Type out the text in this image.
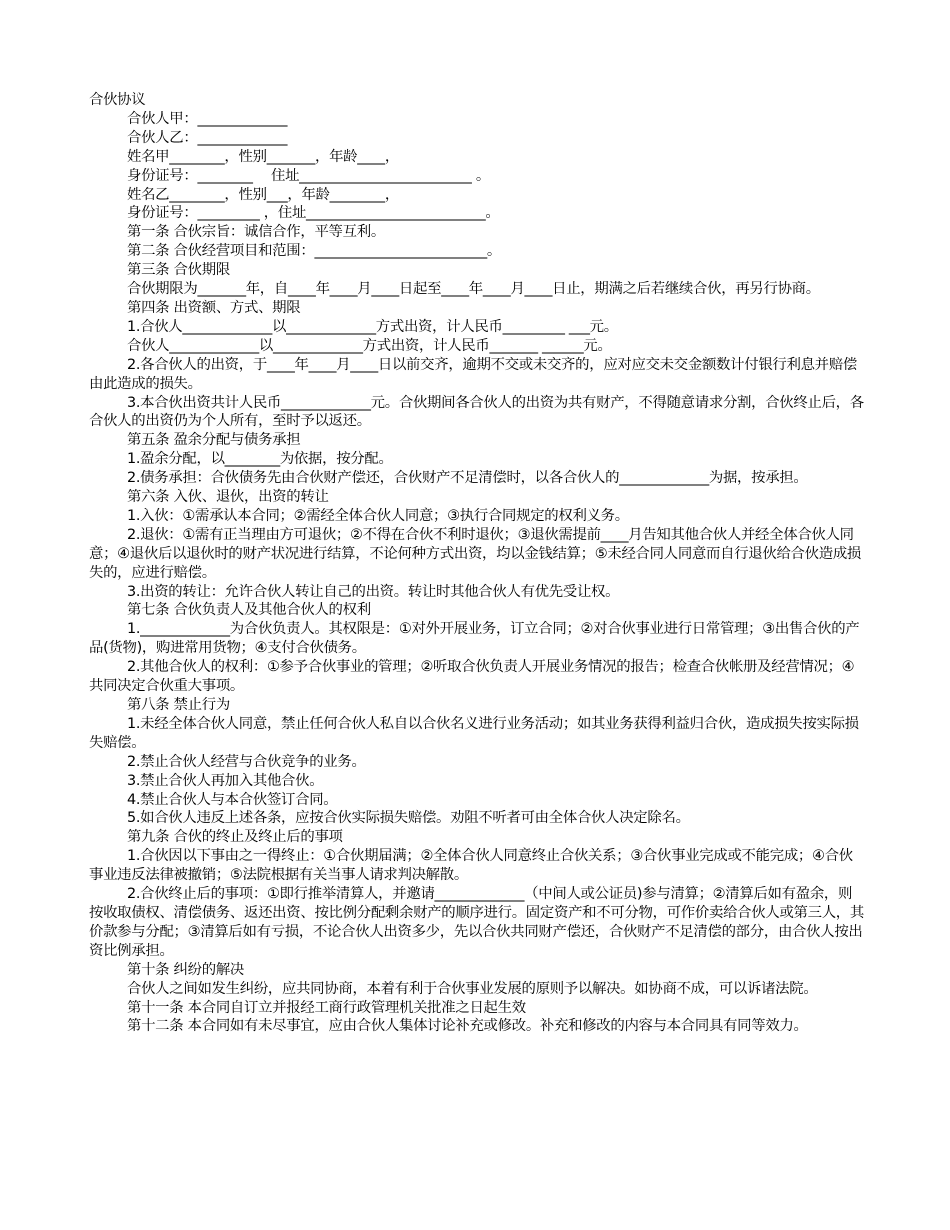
合伙协议
合伙人甲：_____________
合伙人乙：_____________
姓名甲________，性别_______，年龄____，
身份证号：________　 住址_________________________ 。
姓名乙________，性别___，年龄________，
身份证号：_________ ，住址__________________________。
第一条 合伙宗旨：诚信合作，平等互利。
第二条 合伙经营项目和范围：_________________________。
第三条 合伙期限
合伙期限为_______年，自____年____月____日起至____年____月____日止，期满之后若继续合伙，再另行协商。
第四条 出资额、方式、期限
1.合伙人_____________以_____________方式出资，计人民币_________ ___元。
合伙人_____________以_____________方式出资，计人民币_______ ______元。
2.各合伙人的出资，于____年____月____日以前交齐，逾期不交或未交齐的，应对应交未交金额数计付银行利息并赔偿由此造成的损失。
3.本合伙出资共计人民币_____________元。合伙期间各合伙人的出资为共有财产，不得随意请求分割，合伙终止后，各合伙人的出资仍为个人所有，至时予以返还。
第五条 盈余分配与债务承担
1.盈余分配，以________为依据，按分配。
2.债务承担：合伙债务先由合伙财产偿还，合伙财产不足清偿时，以各合伙人的_____________为据，按承担。
第六条 入伙、退伙，出资的转让
1.入伙：①需承认本合同；②需经全体合伙人同意；③执行合同规定的权利义务。
2.退伙：①需有正当理由方可退伙；②不得在合伙不利时退伙；③退伙需提前____月告知其他合伙人并经全体合伙人同意；④退伙后以退伙时的财产状况进行结算，不论何种方式出资，均以金钱结算；⑤未经合同人同意而自行退伙给合伙造成损失的，应进行赔偿。
3.出资的转让：允许合伙人转让自己的出资。转让时其他合伙人有优先受让权。
第七条 合伙负责人及其他合伙人的权利
1._____________为合伙负责人。其权限是：①对外开展业务，订立合同；②对合伙事业进行日常管理；③出售合伙的产品(货物)，购进常用货物；④支付合伙债务。
2.其他合伙人的权利：①参予合伙事业的管理；②听取合伙负责人开展业务情况的报告；检查合伙帐册及经营情况；④共同决定合伙重大事项。
第八条 禁止行为
1.未经全体合伙人同意，禁止任何合伙人私自以合伙名义进行业务活动；如其业务获得利益归合伙，造成损失按实际损失赔偿。
2.禁止合伙人经营与合伙竞争的业务。
3.禁止合伙人再加入其他合伙。
4.禁止合伙人与本合伙签订合同。
5.如合伙人违反上述各条，应按合伙实际损失赔偿。劝阻不听者可由全体合伙人决定除名。
第九条 合伙的终止及终止后的事项
1.合伙因以下事由之一得终止：①合伙期届满；②全体合伙人同意终止合伙关系；③合伙事业完成或不能完成；④合伙事业违反法律被撤销；⑤法院根据有关当事人请求判决解散。
2.合伙终止后的事项：①即行推举清算人，并邀请_____________（中间人或公证员)参与清算；②清算后如有盈余，则按收取债权、清偿债务、返还出资、按比例分配剩余财产的顺序进行。固定资产和不可分物，可作价卖给合伙人或第三人，其价款参与分配；③清算后如有亏损，不论合伙人出资多少，先以合伙共同财产偿还，合伙财产不足清偿的部分，由合伙人按出资比例承担。
第十条 纠纷的解决
合伙人之间如发生纠纷，应共同协商，本着有利于合伙事业发展的原则予以解决。如协商不成，可以诉诸法院。
第十一条 本合同自订立并报经工商行政管理机关批准之日起生效
第十二条 本合同如有未尽事宜，应由合伙人集体讨论补充或修改。补充和修改的内容与本合同具有同等效力。
